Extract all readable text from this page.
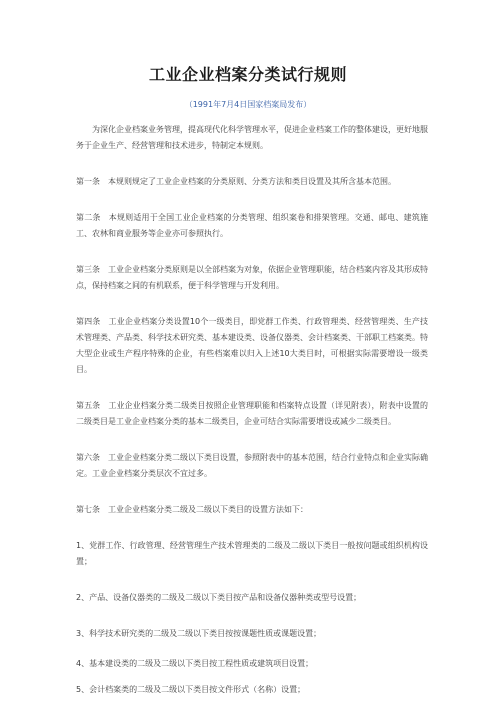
工业企业档案分类试行规则
（1991年7月4日国家档案局发布）

为深化企业档案业务管理，提高现代化科学管理水平，促进企业档案工作的整体建设，更好地服务于企业生产、经营管理和技术进步，特制定本规则。

第一条　本规则规定了工业企业档案的分类原则、分类方法和类目设置及其所含基本范围。

第二条　本规则适用于全国工业企业档案的分类管理、组织案卷和排架管理。交通、邮电、建筑施工、农林和商业服务等企业亦可参照执行。

第三条　工业企业档案分类原则是以全部档案为对象，依据企业管理职能，结合档案内容及其形成特点，保持档案之间的有机联系，便于科学管理与开发利用。

第四条　工业企业档案分类设置10个一级类目，即党群工作类、行政管理类、经营管理类、生产技术管理类、产品类、科学技术研究类、基本建设类、设备仪器类、会计档案类、干部职工档案类。特大型企业或生产程序特殊的企业，有些档案难以归入上述10大类目时，可根据实际需要增设一级类目。

第五条　工业企业档案分类二级类目按照企业管理职能和档案特点设置（详见附表），附表中设置的二级类目是工业企业档案分类的基本二级类目，企业可结合实际需要增设或减少二级类目。

第六条　工业企业档案分类二级以下类目设置，参照附表中的基本范围，结合行业特点和企业实际确定。工业企业档案分类层次不宜过多。

第七条　工业企业档案分类二级及二级以下类目的设置方法如下：

1、党群工作、行政管理、经营管理生产技术管理类的二级及二级以下类目一般按问题或组织机构设置；

2、产品、设备仪器类的二级及二级以下类目按产品和设备仪器种类或型号设置；

3、科学技术研究类的二级及二级以下类目按按课题性质或课题设置；

4、基本建设类的二级及二级以下类目按工程性质或建筑项目设置；

5、会计档案类的二级及二级以下类目按文件形式（名称）设置；
